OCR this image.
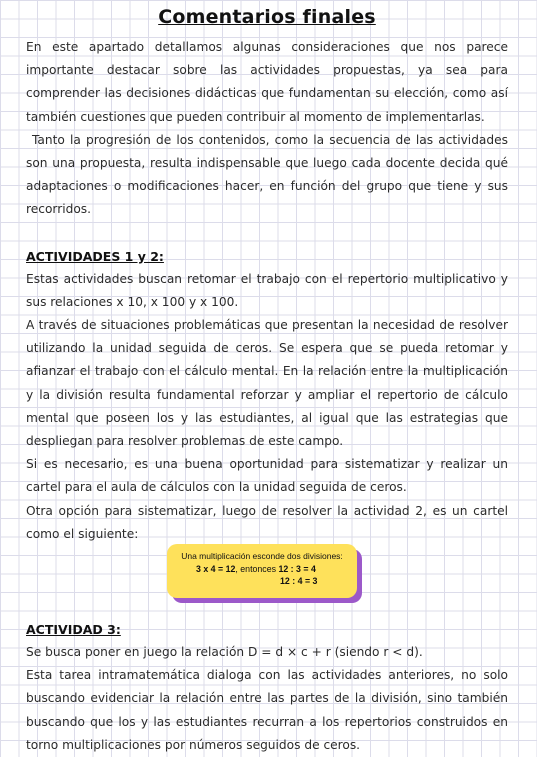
Comentarios finales

En este apartado detallamos algunas consideraciones que nos parece importante destacar sobre las actividades propuestas, ya sea para comprender las decisiones didácticas que fundamentan su elección, como así también cuestiones que pueden contribuir al momento de implementarlas.

Tanto la progresión de los contenidos, como la secuencia de las actividades son una propuesta, resulta indispensable que luego cada docente decida qué adaptaciones o modificaciones hacer, en función del grupo que tiene y sus recorridos.

ACTIVIDADES 1 y 2:

Estas actividades buscan retomar el trabajo con el repertorio multiplicativo y sus relaciones x 10, x 100 y x 100.

A través de situaciones problemáticas que presentan la necesidad de resolver utilizando la unidad seguida de ceros. Se espera que se pueda retomar y afianzar el trabajo con el cálculo mental. En la relación entre la multiplicación y la división resulta fundamental reforzar y ampliar el repertorio de cálculo mental que poseen los y las estudiantes, al igual que las estrategias que despliegan para resolver problemas de este campo.

Si es necesario, es una buena oportunidad para sistematizar y realizar un cartel para el aula de cálculos con la unidad seguida de ceros.

Otra opción para sistematizar, luego de resolver la actividad 2, es un cartel como el siguiente:

Una multiplicación esconde dos divisiones:
3 x 4 = 12, entonces 12 : 3 = 4
12 : 4 = 3
ACTIVIDAD 3:

Se busca poner en juego la relación D = d × c + r (siendo r < d).

Esta tarea intramatemática dialoga con las actividades anteriores, no solo buscando evidenciar la relación entre las partes de la división, sino también buscando que los y las estudiantes recurran a los repertorios construidos en torno multiplicaciones por números seguidos de ceros.
